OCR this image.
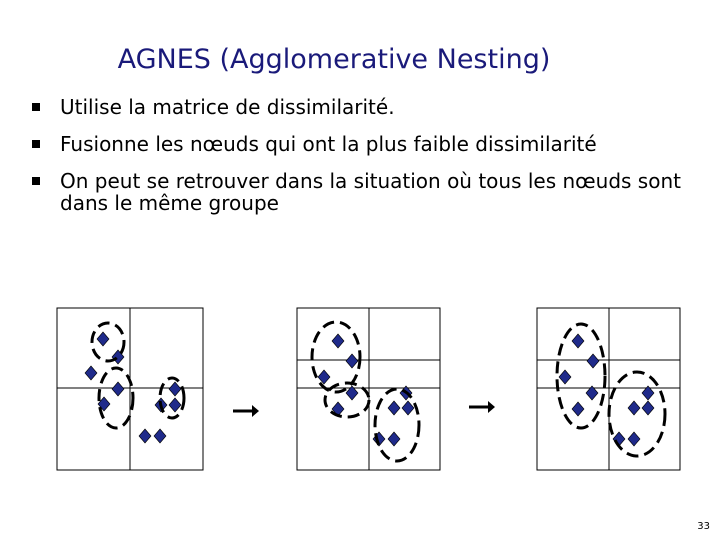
AGNES (Agglomerative Nesting)
Utilise la matrice de dissimilarité.
Fusionne les nœuds qui ont la plus faible dissimilarité
On peut se retrouver dans la situation où tous les nœuds sont dans le même groupe
33
